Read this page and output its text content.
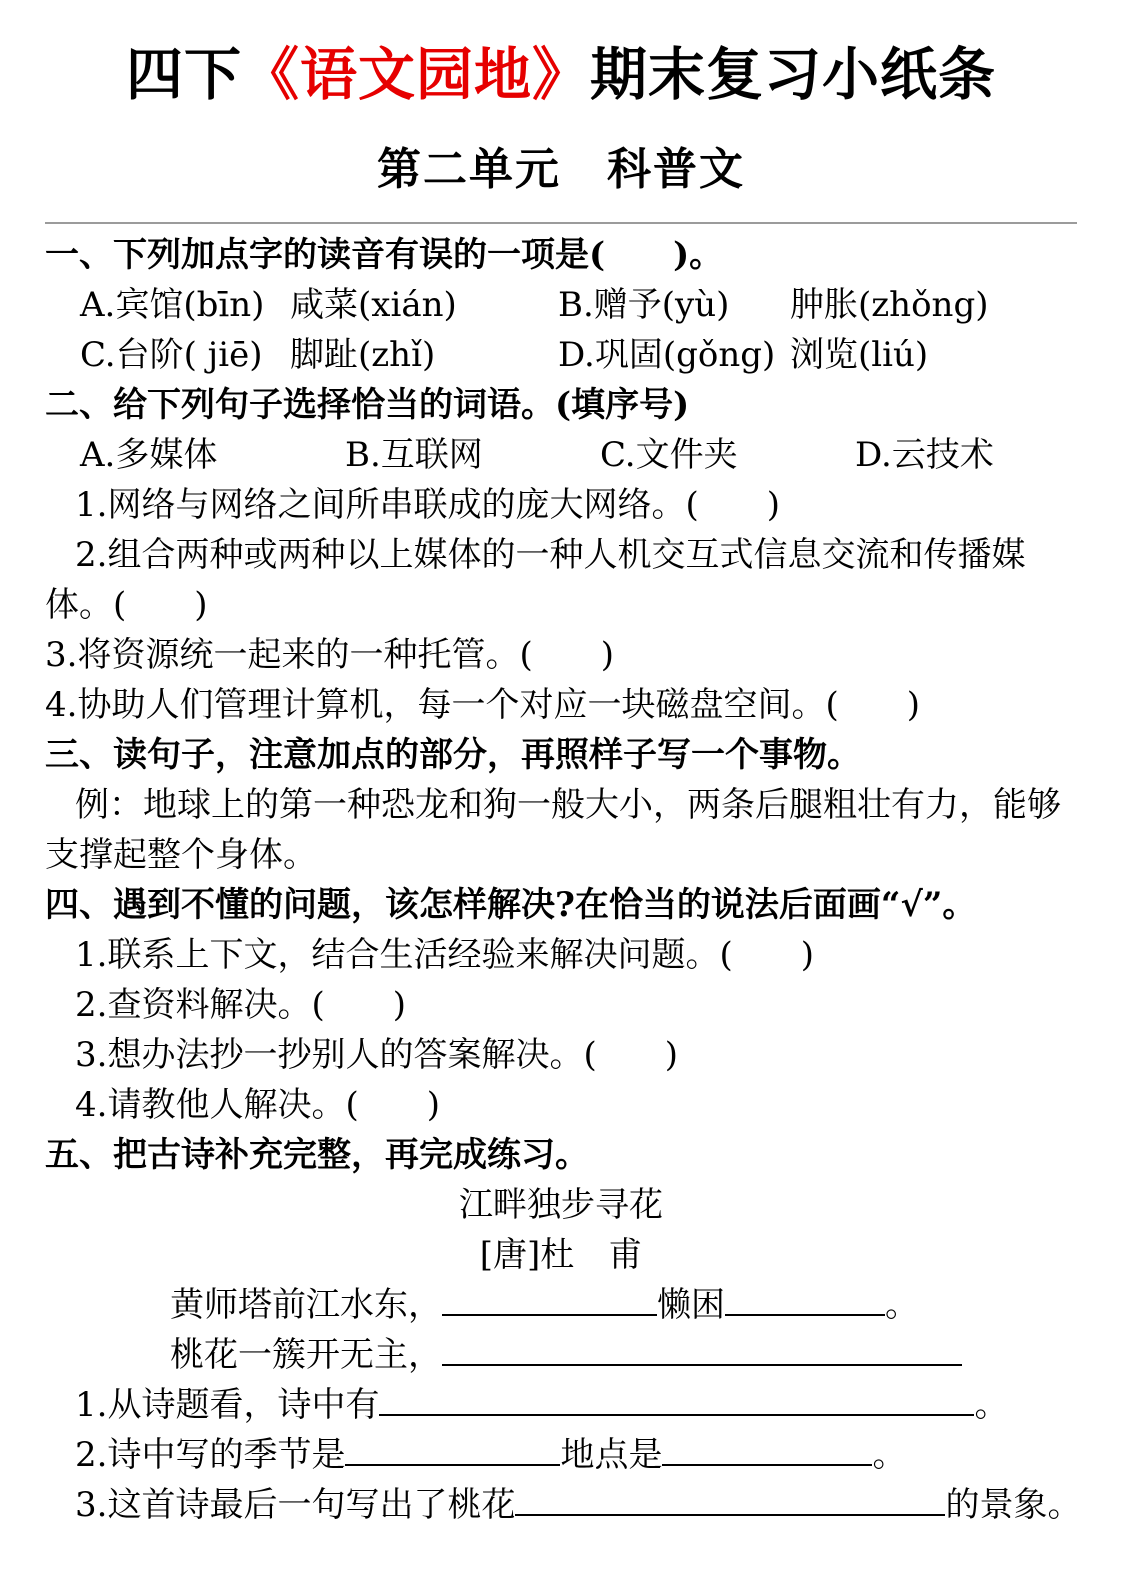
四下《语文园地》期末复习小纸条
第二单元　科普文
一、下列加点字的读音有误的一项是(　　)。
A.宾馆(bīn) 咸菜(xián)	B.赠予(yù)	肿胀(zhǒng)
C.台阶( jiē) 脚趾(zhǐ)	D.巩固(gǒng) 浏览(liú)
二、给下列句子选择恰当的词语。(填序号)
A.多媒体	B.互联网	C.文件夹	D.云技术
1.网络与网络之间所串联成的庞大网络。(　　)
2.组合两种或两种以上媒体的一种人机交互式信息交流和传播媒
体。(　　)
3.将资源统一起来的一种托管。(　　)
4.协助人们管理计算机，每一个对应一块磁盘空间。(　　)
三、读句子，注意加点的部分，再照样子写一个事物。
例：地球上的第一种恐龙和狗一般大小，两条后腿粗壮有力，能够
支撑起整个身体。
四、遇到不懂的问题，该怎样解决?在恰当的说法后面画“√”。
1.联系上下文，结合生活经验来解决问题。(　　)
2.查资料解决。(　　)
3.想办法抄一抄别人的答案解决。(　　)
4.请教他人解决。(　　)
五、把古诗补充完整，再完成练习。
江畔独步寻花
[唐]杜　甫
黄师塔前江水东，	懒困	。
桃花一簇开无主，
1.从诗题看，诗中有	。
2.诗中写的季节是	地点是	。
3.这首诗最后一句写出了桃花	的景象。
